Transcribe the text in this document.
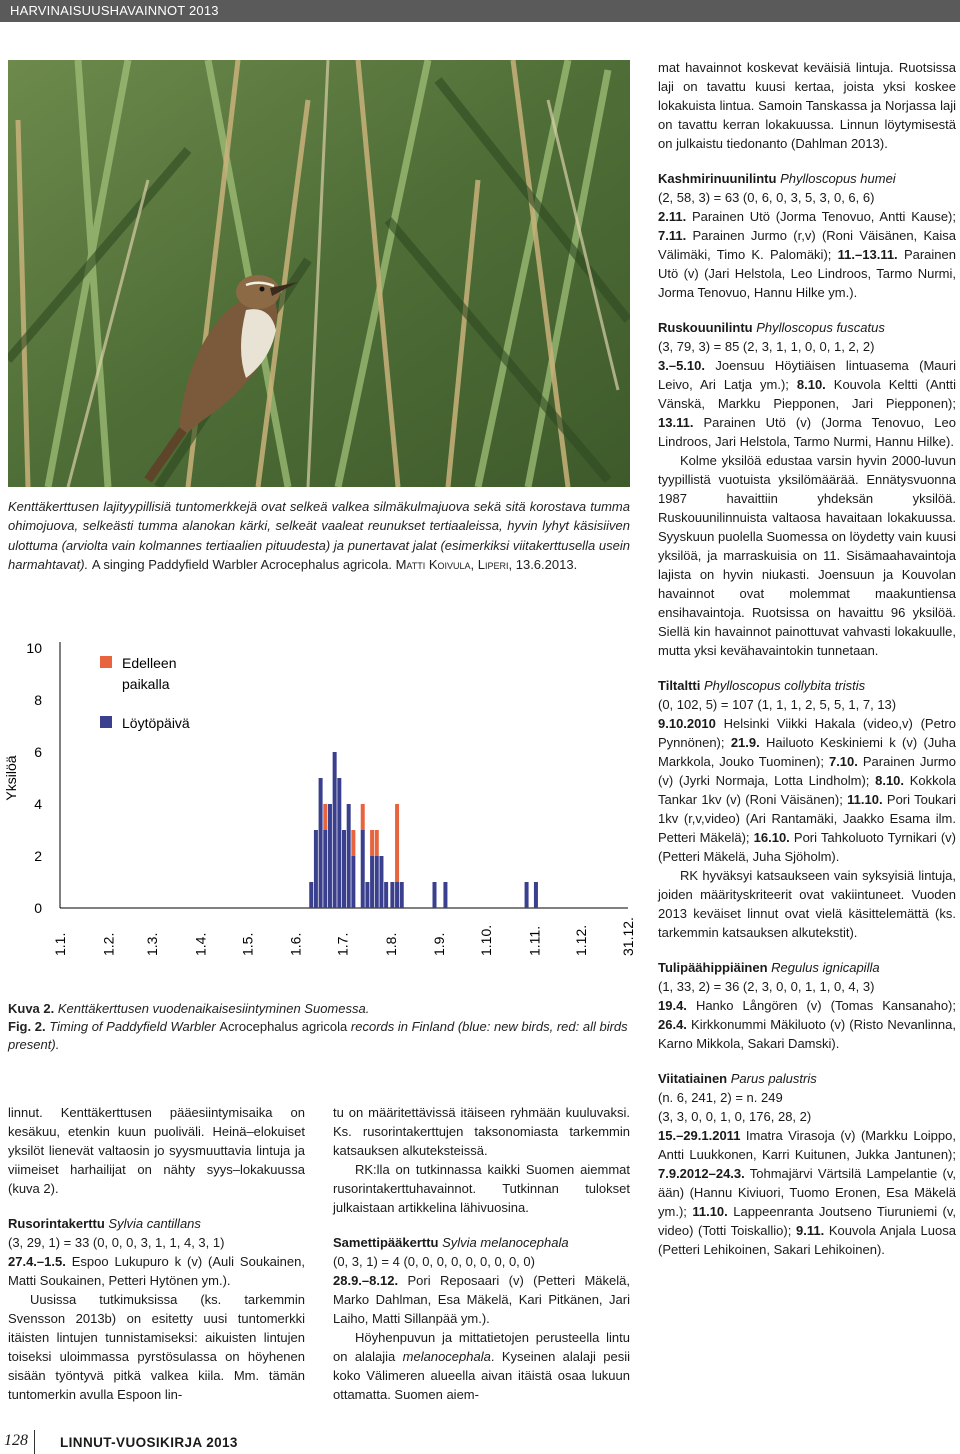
HARVINAISUUSHAVAINNOT 2013
Kenttäkerttusen lajityypillisiä tuntomerkkejä ovat selkeä valkea silmäkulmajuova sekä sitä korostava tumma ohimojuova, selkeästi tumma alanokan kärki, selkeät vaaleat reunukset tertiaaleissa, hyvin lyhyt käsisiiven ulottuma (arviolta vain kolmannes tertiaalien pituudesta) ja punertavat jalat (esimerkiksi viitakerttusella usein harmahtavat). A singing Paddyfield Warbler Acrocephalus agricola. Matti Koivula, Liperi, 13.6.2013.
0
2
4
6
8
10
Yksilöä
1.1. 1.2. 1.3. 1.4. 1.5. 1.6. 1.7. 1.8. 1.9. 1.10. 1.11. 1.12. 31.12.
Edelleen paikalla
Löytöpäivä
Kuva 2. Kenttäkerttusen vuodenaikaisesiintyminen Suomessa.
Fig. 2. Timing of Paddyfield Warbler Acrocephalus agricola records in Finland (blue: new birds, red: all birds present).

linnut. Kenttäkerttusen pääesiintymisaika on kesäkuu, etenkin kuun puoliväli. Heinä–elokuiset yksilöt lienevät valtaosin jo syysmuuttavia lintuja ja viimeiset harhailijat on nähty syys–lokakuussa (kuva 2).

Rusorintakerttu Sylvia cantillans

(3, 29, 1) = 33 (0, 0, 0, 3, 1, 1, 4, 3, 1)

27.4.–1.5. Espoo Lukupuro k (v) (Auli Soukainen, Matti Soukainen, Petteri Hytönen ym.).

Uusissa tutkimuksissa (ks. tarkemmin Svensson 2013b) on esitetty uusi tuntomerkki itäisten lintujen tunnistamiseksi: aikuisten lintujen toiseksi uloimmassa pyrstösulassa on höyhenen sisään työntyvä pitkä valkea kiila. Mm. tämän tuntomerkin avulla Espoon lin-

tu on määritettävissä itäiseen ryhmään kuuluvaksi. Ks. rusorintakerttujen taksonomiasta tarkemmin katsauksen alkuteksteissä.

RK:lla on tutkinnassa kaikki Suomen aiemmat rusorintakerttuhavainnot. Tutkinnan tulokset julkaistaan artikkelina lähivuosina.

Samettipääkerttu Sylvia melanocephala

(0, 3, 1) = 4 (0, 0, 0, 0, 0, 0, 0, 0, 0)

28.9.–8.12. Pori Reposaari (v) (Petteri Mäkelä, Marko Dahlman, Esa Mäkelä, Kari Pitkänen, Jari Laiho, Matti Sillanpää ym.).

Höyhenpuvun ja mittatietojen perusteella lintu on alalajia melanocephala. Kyseinen alalaji pesii koko Välimeren alueella aivan itäistä osaa lukuun ottamatta. Suomen aiem-

mat havainnot koskevat keväisiä lintuja. Ruotsissa laji on tavattu kuusi kertaa, joista yksi koskee lokakuista lintua. Samoin Tanskassa ja Norjassa laji on tavattu kerran lokakuussa. Linnun löytymisestä on julkaistu tiedonanto (Dahlman 2013).

Kashmirinuunilintu Phylloscopus humei

(2, 58, 3) = 63 (0, 6, 0, 3, 5, 3, 0, 6, 6)

2.11. Parainen Utö (Jorma Tenovuo, Antti Kause); 7.11. Parainen Jurmo (r,v) (Roni Väisänen, Kaisa Välimäki, Timo K. Palomäki); 11.–13.11. Parainen Utö (v) (Jari Helstola, Leo Lindroos, Tarmo Nurmi, Jorma Tenovuo, Hannu Hilke ym.).

Ruskouunilintu Phylloscopus fuscatus

(3, 79, 3) = 85 (2, 3, 1, 1, 0, 0, 1, 2, 2)

3.–5.10. Joensuu Höytiäisen lintuasema (Mauri Leivo, Ari Latja ym.); 8.10. Kouvola Keltti (Antti Vänskä, Markku Piepponen, Jari Piepponen); 13.11. Parainen Utö (v) (Jorma Tenovuo, Leo Lindroos, Jari Helstola, Tarmo Nurmi, Hannu Hilke).

Kolme yksilöä edustaa varsin hyvin 2000-luvun tyypillistä vuotuista yksilömäärää. Ennätysvuonna 1987 havaittiin yhdeksän yksilöä. Ruskouunilinnuista valtaosa havaitaan lokakuussa. Syyskuun puolella Suomessa on löydetty vain kuusi yksilöä, ja marraskuisia on 11. Sisämaahavaintoja lajista on hyvin niukasti. Joensuun ja Kouvolan havainnot ovat molemmat maakuntiensa ensihavaintoja. Ruotsissa on havaittu 96 yksilöä. Siellä kin havainnot painottuvat vahvasti lokakuulle, mutta yksi kevähavaintokin tunnetaan.

Tiltaltti Phylloscopus collybita tristis

(0, 102, 5) = 107 (1, 1, 1, 2, 5, 5, 1, 7, 13)

9.10.2010 Helsinki Viikki Hakala (video,v) (Petro Pynnönen); 21.9. Hailuoto Keskiniemi k (v) (Juha Markkola, Jouko Tuominen); 7.10. Parainen Jurmo (v) (Jyrki Normaja, Lotta Lindholm); 8.10. Kokkola Tankar 1kv (v) (Roni Väisänen); 11.10. Pori Toukari 1kv (r,v,video) (Ari Rantamäki, Jaakko Esama ilm. Petteri Mäkelä); 16.10. Pori Tahkoluoto Tyrnikari (v) (Petteri Mäkelä, Juha Sjöholm).

RK hyväksyi katsaukseen vain syksyisiä lintuja, joiden määrityskriteerit ovat vakiintuneet. Vuoden 2013 keväiset linnut ovat vielä käsittelemättä (ks. tarkemmin katsauksen alkutekstit).

Tulipäähippiäinen Regulus ignicapilla

(1, 33, 2) = 36 (2, 3, 0, 0, 1, 1, 0, 4, 3)

19.4. Hanko Långören (v) (Tomas Kansanaho); 26.4. Kirkkonummi Mäkiluoto (v) (Risto Nevanlinna, Karno Mikkola, Sakari Damski).

Viitatiainen Parus palustris

(n. 6, 241, 2) = n. 249

(3, 3, 0, 0, 1, 0, 176, 28, 2)

15.–29.1.2011 Imatra Virasoja (v) (Markku Loippo, Antti Luukkonen, Karri Kuitunen, Jukka Jantunen); 7.9.2012–24.3. Tohmajärvi Värtsilä Lampelantie (v, ään) (Hannu Kiviuori, Tuomo Eronen, Esa Mäkelä ym.); 11.10. Lappeenranta Joutseno Tiuruniemi (v, video) (Totti Toiskallio); 9.11. Kouvola Anjala Luosa (Petteri Lehikoinen, Sakari Lehikoinen).

128 LINNUT-VUOSIKIRJA 2013
